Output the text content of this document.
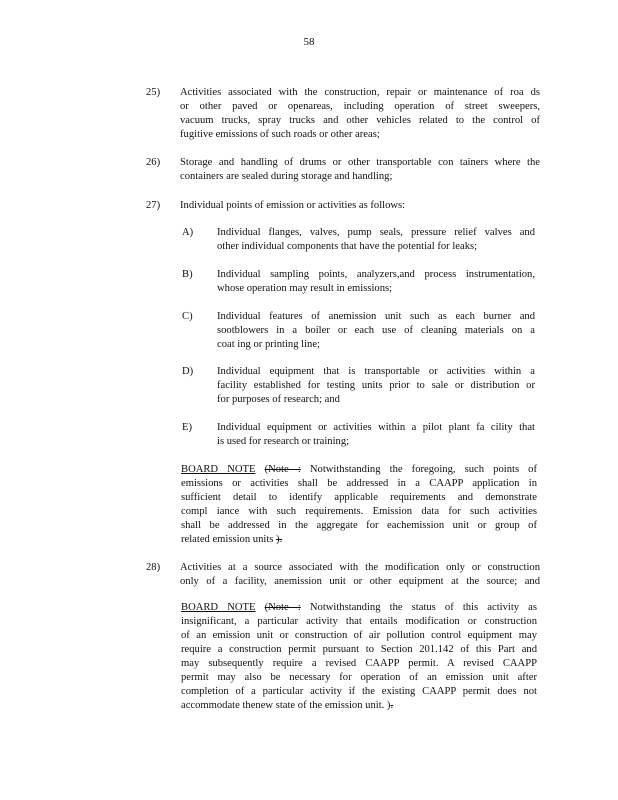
58
25) Activities associated with the construction, repair or maintenance of roa ds
or other paved or openareas, including operation of street sweepers,
vacuum trucks, spray trucks and other vehicles related to the control of
fugitive emissions of such roads or other areas;
26) Storage and handling of drums or other transportable con tainers where the
containers are sealed during storage and handling;
27) Individual points of emission or activities as follows:
A) Individual flanges, valves, pump seals, pressure relief valves and
other individual components that have the potential for leaks;
B) Individual sampling points, analyzers,and process instrumentation,
whose operation may result in emissions;
C) Individual features of anemission unit such as each burner and
sootblowers in a boiler or each use of cleaning materials on a
coat ing or printing line;
D) Individual equipment that is transportable or activities within a
facility established for testing units prior to sale or distribution or
for purposes of research; and
E) Individual equipment or activities within a pilot plant fa cility that
is used for research or training;
BOARD NOTE (Note : Notwithstanding the foregoing, such points of
emissions or activities shall be addressed in a CAAPP application in
sufficient detail to identify applicable requirements and demonstrate
compl iance with such requirements. Emission data for such activities
shall be addressed in the aggregate for eachemission unit or group of
related emission units ).
28) Activities at a source associated with the modification only or construction
only of a facility, anemission unit or other equipment at the source; and
BOARD NOTE (Note : Notwithstanding the status of this activity as
insignificant, a particular activity that entails modification or construction
of an emission unit or construction of air pollution control equipment may
require a construction permit pursuant to Section 201.142 of this Part and
may subsequently require a revised CAAPP permit. A revised CAAPP
permit may also be necessary for operation of an emission unit after
completion of a particular activity if the existing CAAPP permit does not
accommodate thenew state of the emission unit. ).
